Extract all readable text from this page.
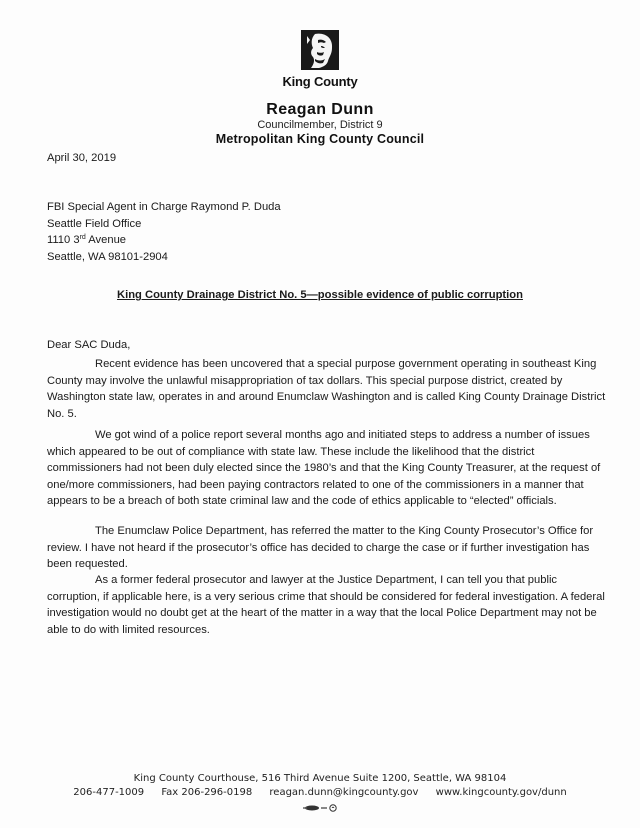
King County
Reagan Dunn
Councilmember, District 9
Metropolitan King County Council
April 30, 2019
FBI Special Agent in Charge Raymond P. Duda
Seattle Field Office
1110 3rd Avenue
Seattle, WA 98101-2904
King County Drainage District No. 5—possible evidence of public corruption
Dear SAC Duda,

Recent evidence has been uncovered that a special purpose government operating in southeast King County may involve the unlawful misappropriation of tax dollars. This special purpose district, created by Washington state law, operates in and around Enumclaw Washington and is called King County Drainage District No. 5.

We got wind of a police report several months ago and initiated steps to address a number of issues which appeared to be out of compliance with state law. These include the likelihood that the district commissioners had not been duly elected since the 1980’s and that the King County Treasurer, at the request of one/more commissioners, had been paying contractors related to one of the commissioners in a manner that appears to be a breach of both state criminal law and the code of ethics applicable to “elected” officials.

The Enumclaw Police Department, has referred the matter to the King County Prosecutor’s Office for review. I have not heard if the prosecutor’s office has decided to charge the case or if further investigation has been requested.

As a former federal prosecutor and lawyer at the Justice Department, I can tell you that public corruption, if applicable here, is a very serious crime that should be considered for federal investigation. A federal investigation would no doubt get at the heart of the matter in a way that the local Police Department may not be able to do with limited resources.

King County Courthouse, 516 Third Avenue Suite 1200, Seattle, WA 98104
206-477-1009 Fax 206-296-0198 reagan.dunn@kingcounty.gov www.kingcounty.gov/dunn
